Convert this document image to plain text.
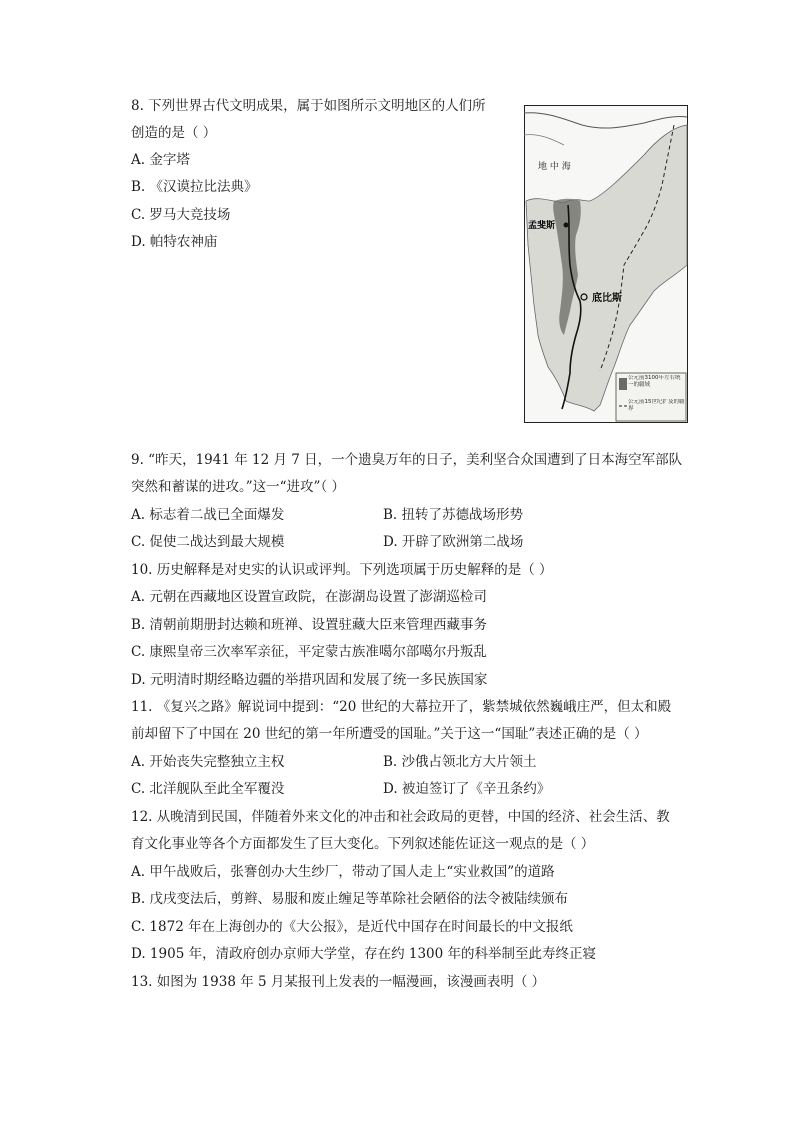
8. 下列世界古代文明成果，属于如图所示文明地区的人们所
创造的是（ ）
A. 金字塔
B. 《汉谟拉比法典》
C. 罗马大竞技场
D. 帕特农神庙
地 中 海
孟斐斯
底比斯
公元前3100年左右统一的疆域
公元前15世纪扩及的疆界
9. “昨天，1941 年 12 月 7 日，一个遗臭万年的日子，美利坚合众国遭到了日本海空军部队
突然和蓄谋的进攻。”这一“进攻”（ ）
A. 标志着二战已全面爆发	B. 扭转了苏德战场形势
C. 促使二战达到最大规模	D. 开辟了欧洲第二战场
10. 历史解释是对史实的认识或评判。下列选项属于历史解释的是（ ）
A. 元朝在西藏地区设置宣政院，在澎湖岛设置了澎湖巡检司
B. 清朝前期册封达赖和班禅、设置驻藏大臣来管理西藏事务
C. 康熙皇帝三次率军亲征，平定蒙古族准噶尔部噶尔丹叛乱
D. 元明清时期经略边疆的举措巩固和发展了统一多民族国家
11. 《复兴之路》解说词中提到：“20 世纪的大幕拉开了，紫禁城依然巍峨庄严，但太和殿
前却留下了中国在 20 世纪的第一年所遭受的国耻。”关于这一“国耻”表述正确的是（ ）
A. 开始丧失完整独立主权	B. 沙俄占领北方大片领土
C. 北洋舰队至此全军覆没	D. 被迫签订了《辛丑条约》
12. 从晚清到民国，伴随着外来文化的冲击和社会政局的更替，中国的经济、社会生活、教
育文化事业等各个方面都发生了巨大变化。下列叙述能佐证这一观点的是（ ）
A. 甲午战败后，张謇创办大生纱厂，带动了国人走上“实业救国”的道路
B. 戊戌变法后，剪辫、易服和废止缠足等革除社会陋俗的法令被陆续颁布
C. 1872 年在上海创办的《大公报》，是近代中国存在时间最长的中文报纸
D. 1905 年，清政府创办京师大学堂，存在约 1300 年的科举制至此寿终正寝
13. 如图为 1938 年 5 月某报刊上发表的一幅漫画，该漫画表明（ ）
